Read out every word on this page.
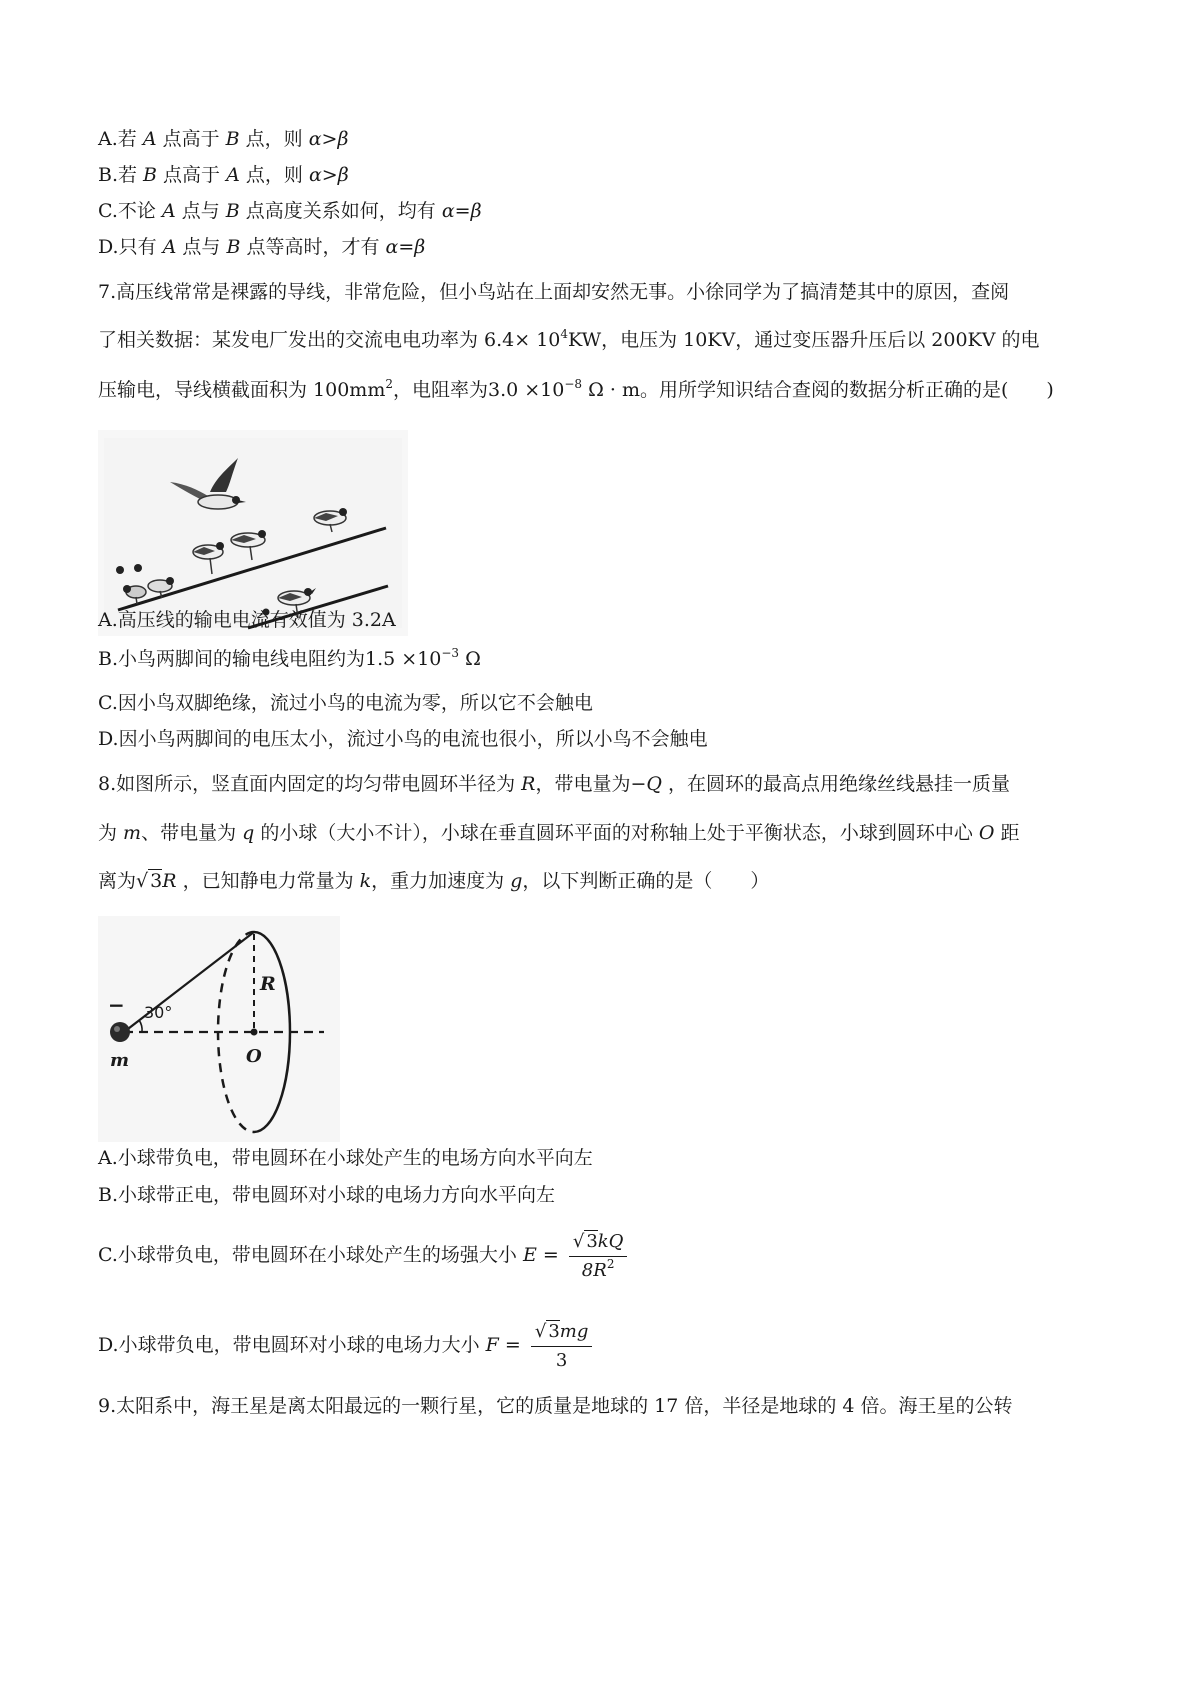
A.若 A 点高于 B 点，则 α>β
B.若 B 点高于 A 点，则 α>β
C.不论 A 点与 B 点高度关系如何，均有 α=β
D.只有 A 点与 B 点等高时，才有 α=β
7.高压线常常是裸露的导线，非常危险，但小鸟站在上面却安然无事。小徐同学为了搞清楚其中的原因，查阅
了相关数据：某发电厂发出的交流电电功率为 $6.4\times 10^4KW$，电压为 10KV，通过变压器升压后以 200KV 的电
压输电，导线横截面积为 $100mm^2$，电阻率为$3.0 \times 10^{-8}$ Ω · m。用所学知识结合查阅的数据分析正确的是(　　)
A.高压线的输电电流有效值为 3.2A
B.小鸟两脚间的输电线电阻约为$1.5 \times 10^{-3}$ Ω
C.因小鸟双脚绝缘，流过小鸟的电流为零，所以它不会触电
D.因小鸟两脚间的电压太小，流过小鸟的电流也很小，所以小鸟不会触电
8.如图所示，竖直面内固定的均匀带电圆环半径为 R，带电量为−Q ，在圆环的最高点用绝缘丝线悬挂一质量
为 m、带电量为 q 的小球（大小不计），小球在垂直圆环平面的对称轴上处于平衡状态，小球到圆环中心 O 距
离为√ 3R ，已知静电力常量为 k，重力加速度为 g，以下判断正确的是（　　）
− 30°
R
O
m
A.小球带负电，带电圆环在小球处产生的电场方向水平向左
B.小球带正电，带电圆环对小球的电场力方向水平向左
C.小球带负电，带电圆环在小球处产生的场强大小 $E = \frac{√ 3kQ}{8R^2}$
D.小球带负电，带电圆环对小球的电场力大小 $F = \frac{√ 3mg}{3}$
9.太阳系中，海王星是离太阳最远的一颗行星，它的质量是地球的 17 倍，半径是地球的 4 倍。海王星的公转
